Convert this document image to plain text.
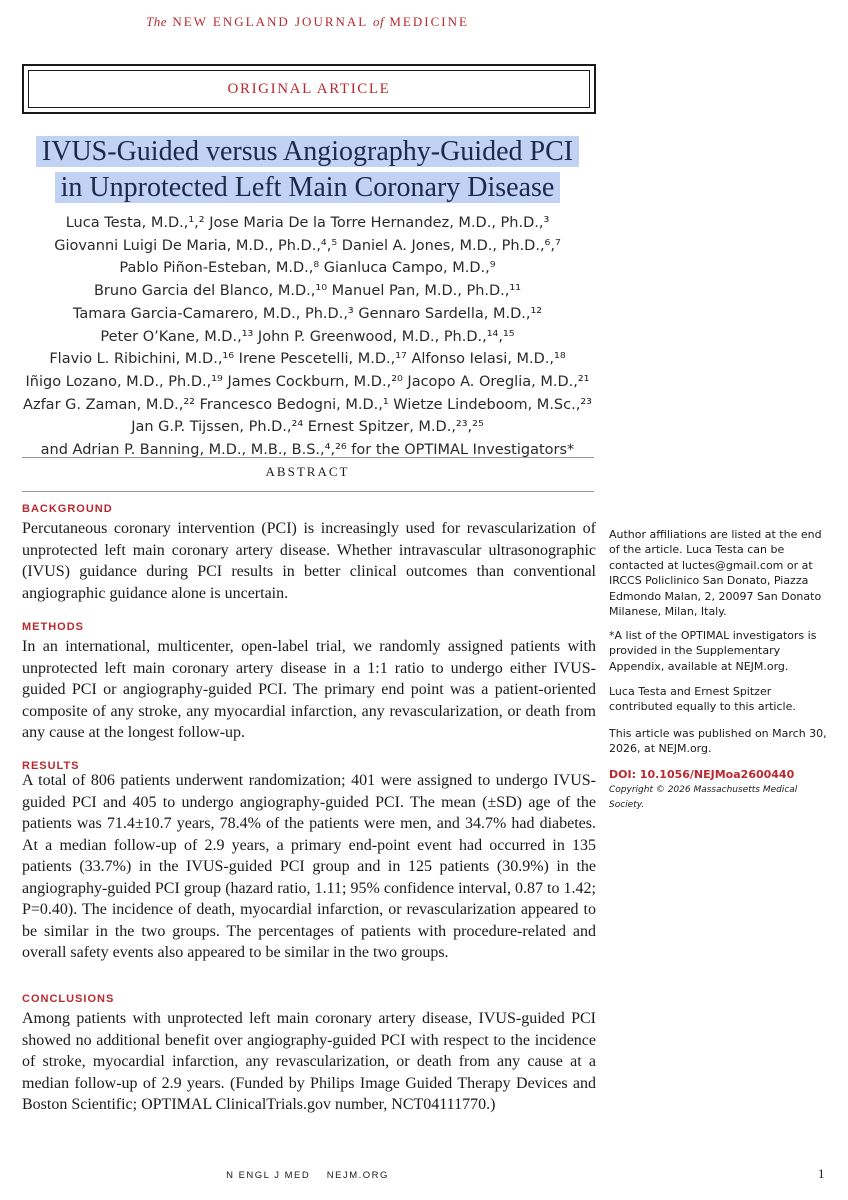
The NEW ENGLAND JOURNAL of MEDICINE
ORIGINAL ARTICLE
IVUS-Guided versus Angiography-Guided PCI
in Unprotected Left Main Coronary Disease
Luca Testa, M.D.,¹,² Jose Maria De la Torre Hernandez, M.D., Ph.D.,³
Giovanni Luigi De Maria, M.D., Ph.D.,⁴,⁵ Daniel A. Jones, M.D., Ph.D.,⁶,⁷
Pablo Piñon-Esteban, M.D.,⁸ Gianluca Campo, M.D.,⁹
Bruno Garcia del Blanco, M.D.,¹⁰ Manuel Pan, M.D., Ph.D.,¹¹
Tamara Garcia-Camarero, M.D., Ph.D.,³ Gennaro Sardella, M.D.,¹²
Peter O’Kane, M.D.,¹³ John P. Greenwood, M.D., Ph.D.,¹⁴,¹⁵
Flavio L. Ribichini, M.D.,¹⁶ Irene Pescetelli, M.D.,¹⁷ Alfonso Ielasi, M.D.,¹⁸
Iñigo Lozano, M.D., Ph.D.,¹⁹ James Cockburn, M.D.,²⁰ Jacopo A. Oreglia, M.D.,²¹
Azfar G. Zaman, M.D.,²² Francesco Bedogni, M.D.,¹ Wietze Lindeboom, M.Sc.,²³
Jan G.P. Tijssen, Ph.D.,²⁴ Ernest Spitzer, M.D.,²³,²⁵
and Adrian P. Banning, M.D., M.B., B.S.,⁴,²⁶ for the OPTIMAL Investigators*
ABSTRACT
BACKGROUND
Percutaneous coronary intervention (PCI) is increasingly used for revascularization of unprotected left main coronary artery disease. Whether intravascular ultrasonographic (IVUS) guidance during PCI results in better clinical outcomes than conventional angiographic guidance alone is uncertain.
METHODS
In an international, multicenter, open-label trial, we randomly assigned patients with unprotected left main coronary artery disease in a 1:1 ratio to undergo either IVUS-guided PCI or angiography-guided PCI. The primary end point was a patient-oriented composite of any stroke, any myocardial infarction, any revascularization, or death from any cause at the longest follow-up.
RESULTS
A total of 806 patients underwent randomization; 401 were assigned to undergo IVUS-guided PCI and 405 to undergo angiography-guided PCI. The mean (±SD) age of the patients was 71.4±10.7 years, 78.4% of the patients were men, and 34.7% had diabetes. At a median follow-up of 2.9 years, a primary end-point event had occurred in 135 patients (33.7%) in the IVUS-guided PCI group and in 125 patients (30.9%) in the angiography-guided PCI group (hazard ratio, 1.11; 95% confidence interval, 0.87 to 1.42; P=0.40). The incidence of death, myocardial infarction, or revascularization appeared to be similar in the two groups. The percentages of patients with procedure-related and overall safety events also appeared to be similar in the two groups.
CONCLUSIONS
Among patients with unprotected left main coronary artery disease, IVUS-guided PCI showed no additional benefit over angiography-guided PCI with respect to the incidence of stroke, myocardial infarction, any revascularization, or death from any cause at a median follow-up of 2.9 years. (Funded by Philips Image Guided Therapy Devices and Boston Scientific; OPTIMAL ClinicalTrials.gov number, NCT04111770.)

Author affiliations are listed at the end of the article. Luca Testa can be contacted at luctes@gmail.com or at IRCCS Policlinico San Donato, Piazza Edmondo Malan, 2, 20097 San Donato Milanese, Milan, Italy.

*A list of the OPTIMAL investigators is provided in the Supplementary Appendix, available at NEJM.org.

Luca Testa and Ernest Spitzer contributed equally to this article.

This article was published on March 30, 2026, at NEJM.org.

DOI: 10.1056/NEJMoa2600440

Copyright © 2026 Massachusetts Medical Society.

N ENGL J MED NEJM.ORG	1
